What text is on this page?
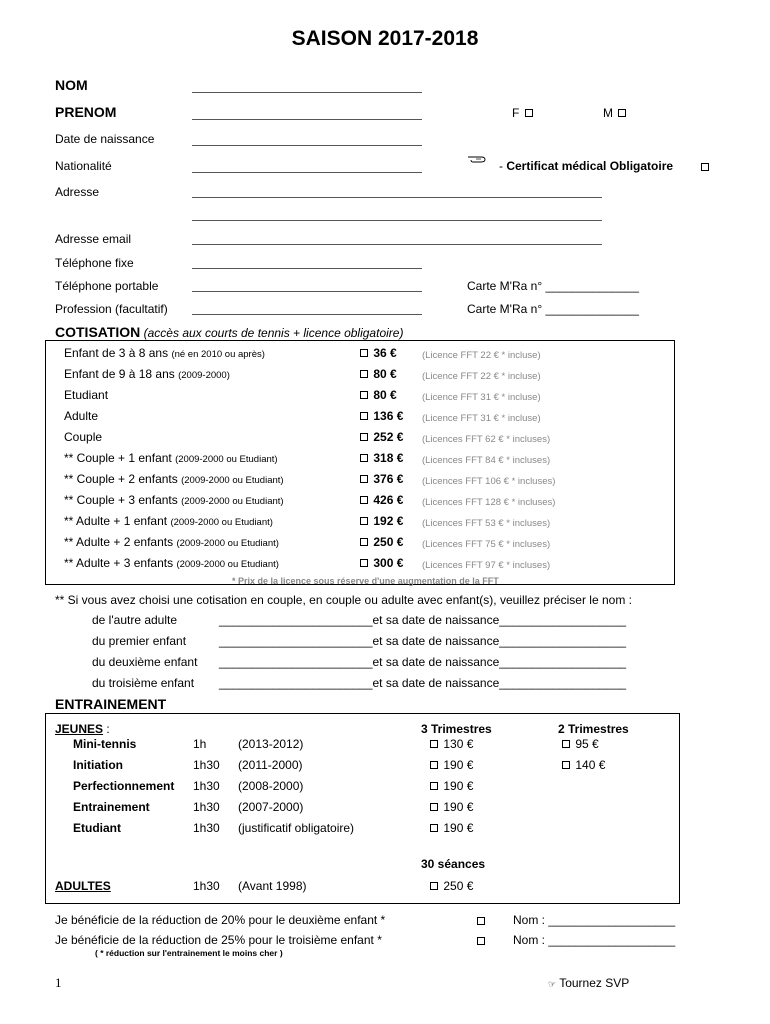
SAISON 2017-2018
NOM
PRENOM	F	M
Date de naissance
Nationalité	- Certificat médical Obligatoire
Adresse
Adresse email
Téléphone fixe
Téléphone portable	Carte M'Ra n° ______________
Profession (facultatif)	Carte M'Ra n° ______________
COTISATION (accès aux courts de tennis + licence obligatoire)
Enfant de 3 à 8 ans (né en 2010 ou après)	36 €	(Licence FFT 22 € * incluse)
Enfant de 9 à 18 ans (2009-2000)	80 €	(Licence FFT 22 € * incluse)
Etudiant	80 €	(Licence FFT 31 € * incluse)
Adulte	136 € (Licence FFT 31 € * incluse)
Couple	252 € (Licences FFT 62 € * incluses)
** Couple + 1 enfant (2009-2000 ou Etudiant)	318 € (Licences FFT 84 € * incluses)
** Couple + 2 enfants (2009-2000 ou Etudiant)	376 € (Licences FFT 106 € * incluses)
** Couple + 3 enfants (2009-2000 ou Etudiant)	426 € (Licences FFT 128 € * incluses)
** Adulte + 1 enfant (2009-2000 ou Etudiant)	192 € (Licences FFT 53 € * incluses)
** Adulte + 2 enfants (2009-2000 ou Etudiant)	250 € (Licences FFT 75 € * incluses)
** Adulte + 3 enfants (2009-2000 ou Etudiant)	300 € (Licences FFT 97 € * incluses)
* Prix de la licence sous réserve d'une augmentation de la FFT
** Si vous avez choisi une cotisation en couple, en couple ou adulte avec enfant(s), veuillez préciser le nom :
de l'autre adulte	_______________________et sa date de naissance___________________
du premier enfant	_______________________et sa date de naissance___________________
du deuxième enfant _______________________et sa date de naissance___________________
du troisième enfant _______________________et sa date de naissance___________________
ENTRAINEMENT
JEUNES :	3 Trimestres	2 Trimestres
Mini-tennis	1h	(2013-2012)	130 €	95 €
Initiation	1h30 (2011-2000)	190 €	140 €
Perfectionnement 1h30 (2008-2000)	190 €
Entrainement	1h30 (2007-2000)	190 €
Etudiant	1h30 (justificatif obligatoire)	190 €
30 séances
ADULTES	1h30 (Avant 1998)	250 €
Je bénéficie de la réduction de 20% pour le deuxième enfant *	Nom : ___________________
Je bénéficie de la réduction de 25% pour le troisième enfant *	Nom : ___________________
( * réduction sur l'entrainement le moins cher )
1	☞ Tournez SVP
